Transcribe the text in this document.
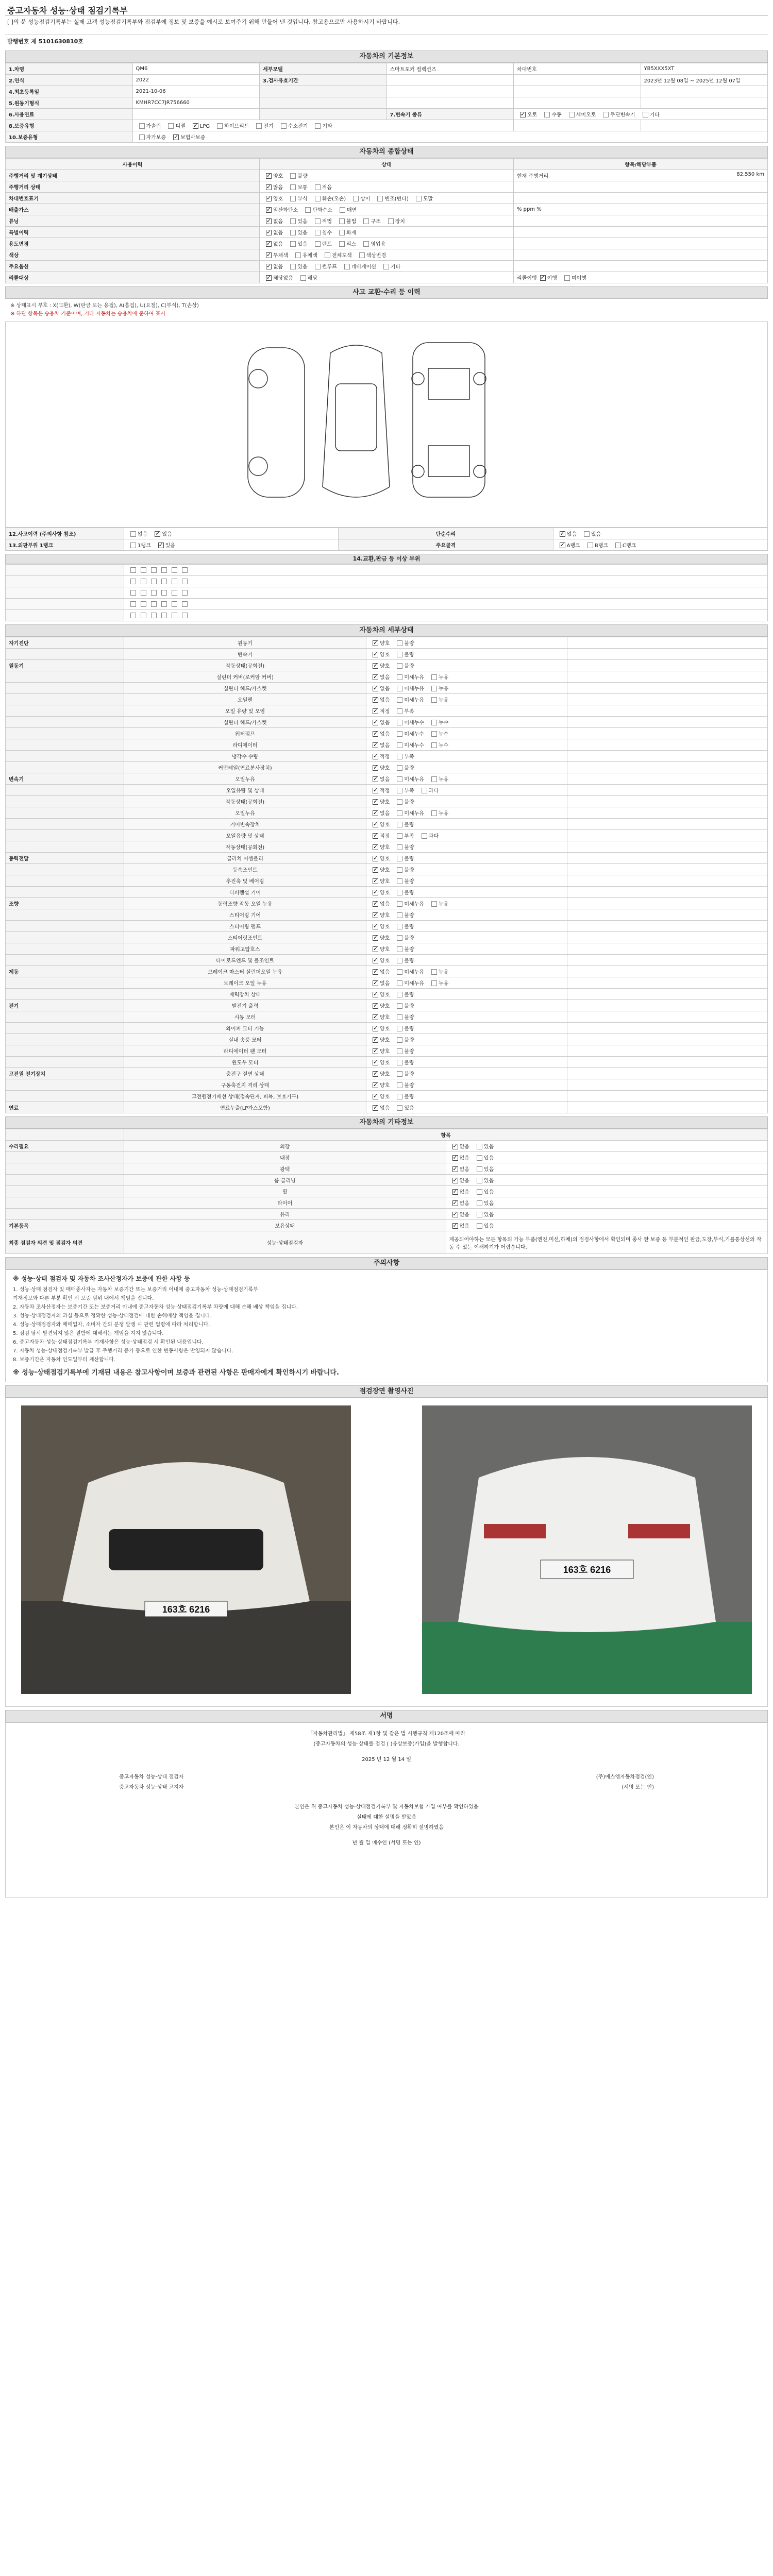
중고자동차 성능·상태 점검기록부
[ ]의 분 성능점검기록부는 실제 고객 성능점검기록부와 점검부에 정보 및 보증을 예시로 보여주기 위해 만들어 낸 것입니다. 참고용으로만 사용하시기 바랍니다.
발행번호 제 5101630810호
자동차의 기본정보
1.차명	QM6	세부모델	스마트포커 컬렉션즈	차대번호	YB5XXX5XT
2.연식	2022	3.검사유효기간			2023년 12월 08일 ~ 2025년 12월 07일
4.최초등록일	2021-10-06				
5.원동기형식	KMHR7CC7JR756660				
6.사용연료			7.변속기 종류	✓오토 수동 세미오토 무단변속기 기타
8.보증유형	가솔린 디젤 ✓ LPG 하이브리드 전기 수소전기 기타		
10.보증유형	자가보증 ✓ 보험사보증
자동차의 종합상태
사용이력	상태	항목/해당부품
주행거리 및 계기상태	✓양호 불량	현재 주행거리 82,550 km

주행거리 상태	✓많음 보통 적음	
차대번호표기	✓양호 부식 훼손(오손) 상이 변조(변타) 도말	
배출가스	✓일산화탄소 탄화수소 매연	% ppm %
튜닝	✓없음 있음 적법 불법 구조 장치	
특별이력	✓없음 있음 침수 화재	
용도변경	✓없음 있음 렌트 리스 영업용	
색상	✓무채색 유채색 전체도색 색상변경	
주요옵션	✓없음 있음 썬루프 네비게이션 기타	
리콜대상	✓해당없음 해당	리콜이행 ✓ 이행 미이행
사고 교환·수리 등 이력
※ 상태표시 부호 : X(교환), W(판금 또는 용접), A(흠집), U(요철), C(부식), T(손상)
※ 하단 항목은 승용차 기준이며, 기타 자동차는 승용차에 준하여 표시
12.사고이력 (주의사항 참조)	없음 ✓ 있음	단순수리	✓없음 있음
13.외판부위 1랭크	1랭크 ✓ 있음	주요골격	✓A랭크 B랭크 C랭크
14.교환,판금 등 이상 부위

자동차의 세부상태
자기진단	원동기	✓양호 불량	
	변속기	✓양호 불량	
원동기	작동상태(공회전)	✓양호 불량	
	실린더 커버(로커암 커버)	✓없음 미세누유 누유	
	실린더 헤드/가스켓	✓없음 미세누유 누유	
	오일팬	✓없음 미세누유 누유	
	오일 유량 및 오염	✓적정 부족	
	실린더 헤드/가스켓	✓없음 미세누수 누수	
	워터펌프	✓없음 미세누수 누수	
	라디에이터	✓없음 미세누수 누수	
	냉각수 수량	✓적정 부족	
	커먼레일(연료분사장치)	✓양호 불량	
변속기	오일누유	✓없음 미세누유 누유	
	오일유량 및 상태	✓적정 부족 과다	
	작동상태(공회전)	✓양호 불량	
	오일누유	✓없음 미세누유 누유	
	기어변속장치	✓양호 불량	
	오일유량 및 상태	✓적정 부족 과다	
	작동상태(공회전)	✓양호 불량	
동력전달	클러치 어셈블리	✓양호 불량	
	등속조인트	✓양호 불량	
	추진축 및 베어링	✓양호 불량	
	디퍼렌셜 기어	✓양호 불량	
조향	동력조향 작동 오일 누유	✓없음 미세누유 누유	
	스티어링 기어	✓양호 불량	
	스티어링 펌프	✓양호 불량	
	스티어링조인트	✓양호 불량	
	파워고압호스	✓양호 불량	
	타이로드엔드 및 볼조인트	✓양호 불량	
제동	브레이크 마스터 실린더오일 누유	✓없음 미세누유 누유	
	브레이크 오일 누유	✓없음 미세누유 누유	
	배력장치 상태	✓양호 불량	
전기	발전기 출력	✓양호 불량	
	시동 모터	✓양호 불량	
	와이퍼 모터 기능	✓양호 불량	
	실내 송풍 모터	✓양호 불량	
	라디에이터 팬 모터	✓양호 불량	
	윈도우 모터	✓양호 불량	
고전원 전기장치	충전구 절연 상태	✓양호 불량	
	구동축전지 격리 상태	✓양호 불량	
	고전원전기배선 상태(접속단자, 피복, 보호기구)	✓양호 불량	
연료	연료누출(LP가스포함)	✓없음 있음	
자동차의 기타정보
	항목	
수리필요	외장	✓없음 있음
	내장	✓없음 있음
	광택	✓없음 있음
	룸 클리닝	✓없음 있음
	휠	✓없음 있음
	타이어	✓없음 있음
	유리	✓없음 있음
기본품목	보유상태	✓없음 있음
최종 점검자 의견 및 점검자 의견	성능·상태점검자	제공되어야하는 모든 항목의 가능 부품(엔진,미션,하체)의 점검사항에서 확인되며 종사 한 보증 등 부분적인 판금,도장,부식,기를통상선의 작동 수 있는 이해하기가 어렵습니다.
주의사항

※ 성능·상태 점검자 및 자동차 조사산정자가 보증에 관한 사항 등

1. 성능·상태 점검자 및 매매종사자는 자동차 보증기간 또는 보증거리 이내에 중고자동차 성능·상태점검기록부

기재정보와 다른 부분 확인 시 보증 범위 내에서 책임을 집니다.

2. 자동차 조사산정자는 보증기간 또는 보증거리 이내에 중고자동차 성능·상태점검기록부 차량에 대해 손해 배상 책임을 집니다.

3. 성능·상태점검자의 과실 등으로 정확한 성능·상태점검에 대한 손해배상 책임을 집니다.

4. 성능·상태점검자와 매매업자, 소비자 간의 분쟁 발생 시 관련 법령에 따라 처리합니다.

5. 점검 당시 발견되지 않은 결함에 대해서는 책임을 지지 않습니다.

6. 중고자동차 성능·상태점검기록부 기재사항은 성능·상태점검 시 확인된 내용입니다.

7. 자동차 성능·상태점검기록부 발급 후 주행거리 증가 등으로 인한 변동사항은 반영되지 않습니다.

8. 보증기간은 자동차 인도일부터 계산합니다.

※ 성능·상태점검기록부에 기재된 내용은 참고사항이며 보증과 관련된 사항은 판매자에게 확인하시기 바랍니다.
점검장면 촬영사진
163호 6216
163호 6216
서명
「자동차관리법」 제58조 제1항 및 같은 법 시행규칙 제120조에 따라
(중고자동차의 성능·상태를 점검 ( )유상보증(가입)을 발행합니다.
2025 년 12 월 14 일
중고자동차 성능·상태 점검자
중고자동차 성능·상태 고지자
(주)에스엠자동차점검(인)
(서명 또는 인)
본인은 위 중고자동차 성능·상태점검기록부 및 자동차보험 가입 여부를 확인하였음
실태에 대한 설명을 받았음
본인은 이 자동차의 상태에 대해 정확히 설명하였음
년 월 일 매수인 (서명 또는 인)
